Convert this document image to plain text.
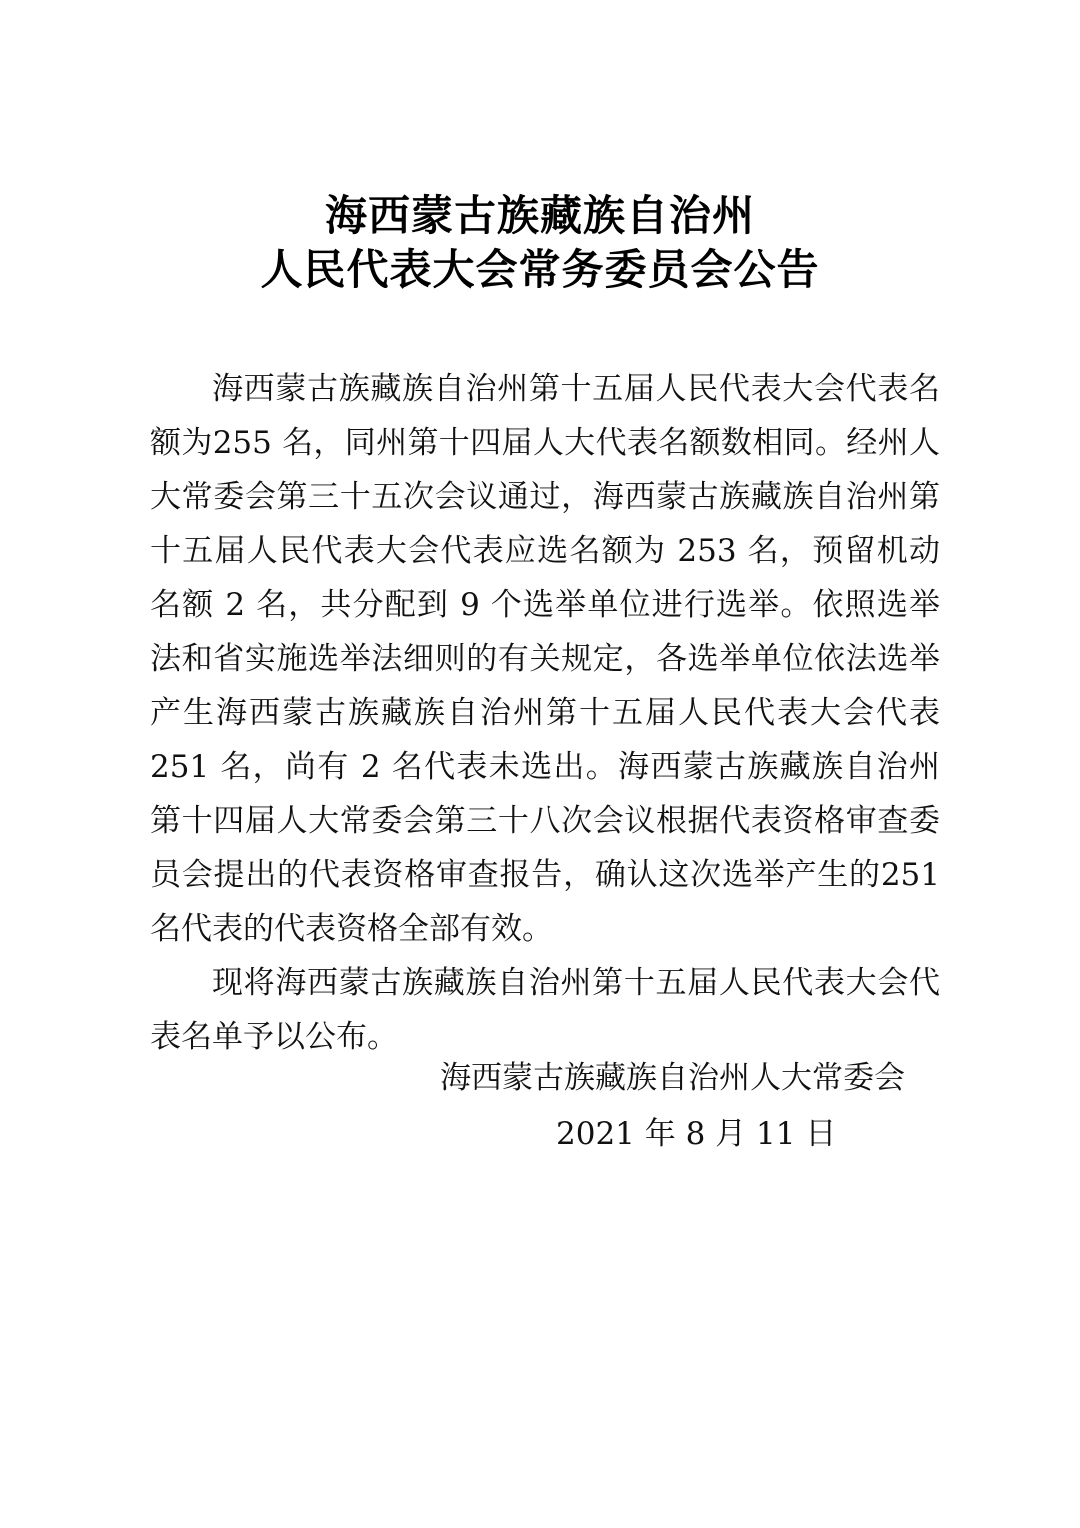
海西蒙古族藏族自治州
人民代表大会常务委员会公告

海西蒙古族藏族自治州第十五届人民代表大会代表名额为255 名，同州第十四届人大代表名额数相同。经州人大常委会第三十五次会议通过，海西蒙古族藏族自治州第十五届人民代表大会代表应选名额为 253 名，预留机动名额 2 名，共分配到 9 个选举单位进行选举。依照选举法和省实施选举法细则的有关规定，各选举单位依法选举产生海西蒙古族藏族自治州第十五届人民代表大会代表 251 名，尚有 2 名代表未选出。海西蒙古族藏族自治州第十四届人大常委会第三十八次会议根据代表资格审查委员会提出的代表资格审查报告，确认这次选举产生的251 名代表的代表资格全部有效。

现将海西蒙古族藏族自治州第十五届人民代表大会代表名单予以公布。

海西蒙古族藏族自治州人大常委会

2021 年 8 月 11 日
